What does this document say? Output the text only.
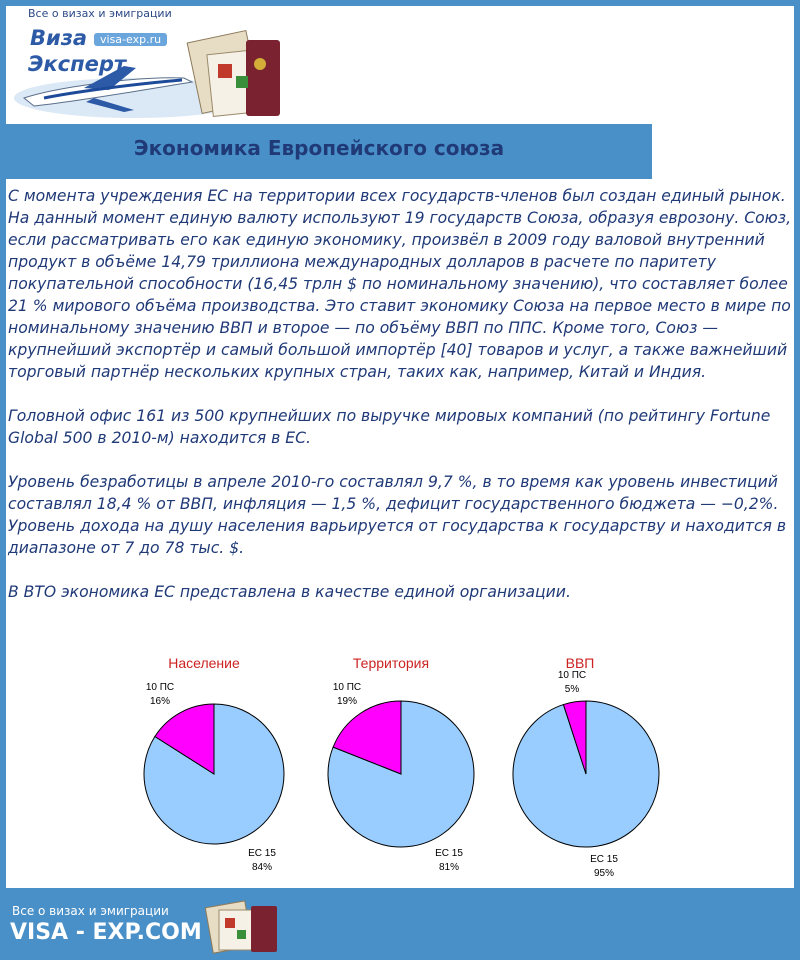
Все о визах и эмиграции
Виза
Эксперт
visa-exp.ru
Экономика Европейского союза

С момента учреждения ЕС на территории всех государств-членов был создан единый рынок. На данный момент единую валюту используют 19 государств Союза, образуя еврозону. Союз, если рассматривать его как единую экономику, произвёл в 2009 году валовой внутренний продукт в объёме 14,79 триллиона международных долларов в расчете по паритету покупательной способности (16,45 трлн $ по номинальному значению), что составляет более 21 % мирового объёма производства. Это ставит экономику Союза на первое место в мире по номинальному значению ВВП и второе — по объёму ВВП по ППС. Кроме того, Союз — крупнейший экспортёр и самый большой импортёр [40] товаров и услуг, а также важнейший торговый партнёр нескольких крупных стран, таких как, например, Китай и Индия.

Головной офис 161 из 500 крупнейших по выручке мировых компаний (по рейтингу Fortune Global 500 в 2010-м) находится в ЕС.

Уровень безработицы в апреле 2010-го составлял 9,7 %, в то время как уровень инвестиций составлял 18,4 % от ВВП, инфляция — 1,5 %, дефицит государственного бюджета — −0,2%. Уровень дохода на душу населения варьируется от государства к государству и находится в диапазоне от 7 до 78 тыс. $.

В ВТО экономика ЕС представлена в качестве единой организации.

Население
10 ПС
16%
ЕС 15
84%
Территория
10 ПС
19%
ЕС 15
81%
ВВП
10 ПС
5%
ЕС 15
95%
Все о визах и эмиграции
VISA - EXP.COM
